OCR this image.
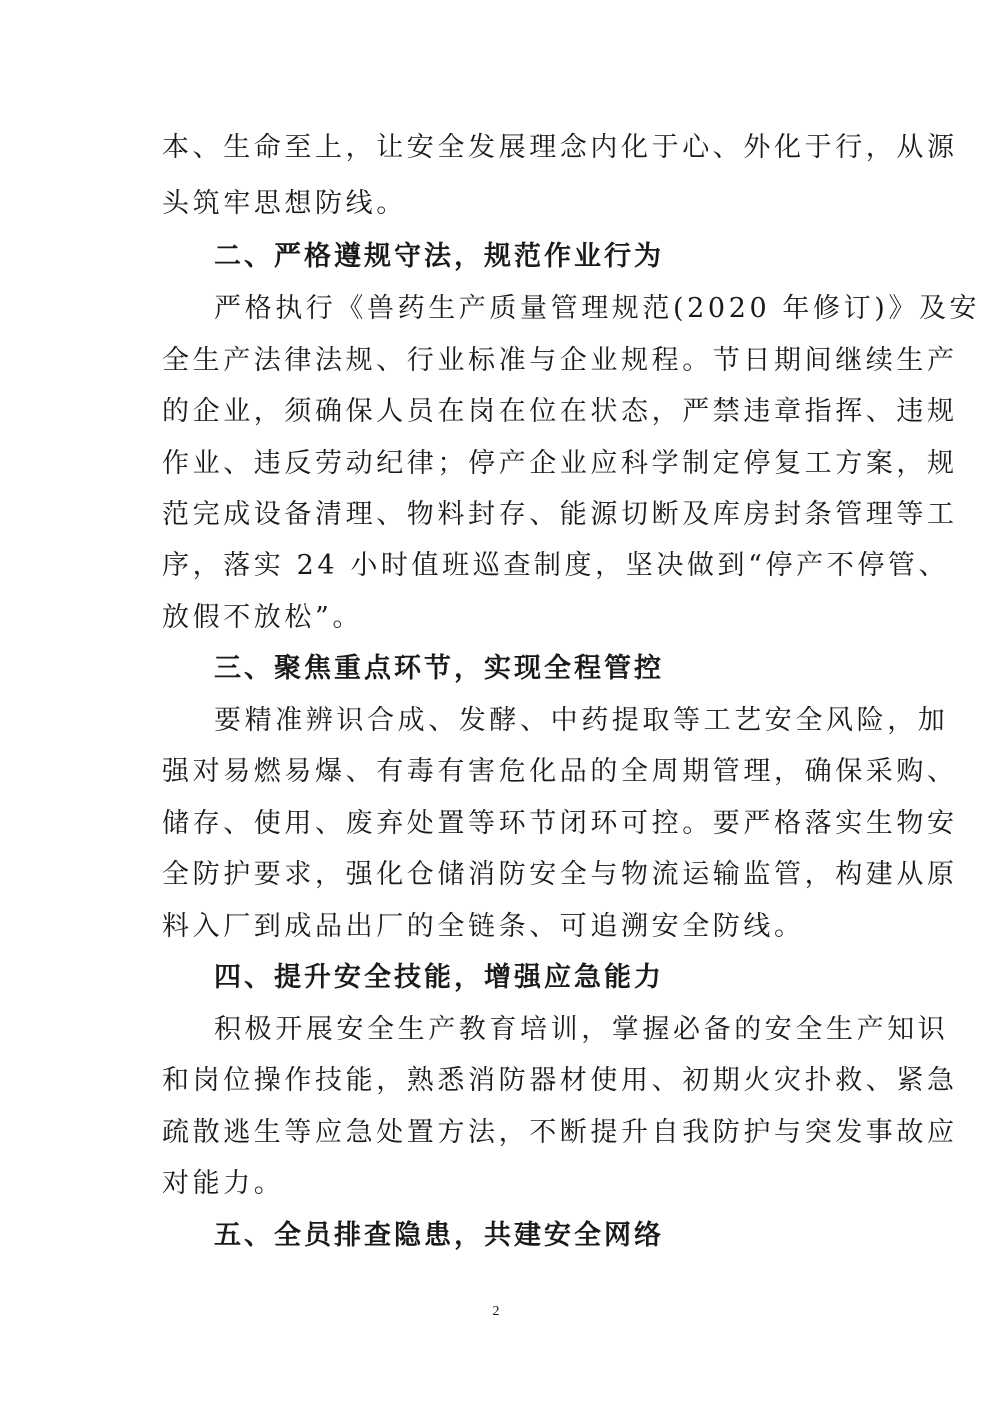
本、生命至上，让安全发展理念内化于心、外化于行，从源
头筑牢思想防线。
二、严格遵规守法，规范作业行为
严格执行《兽药生产质量管理规范(2020 年修订)》及安
全生产法律法规、行业标准与企业规程。节日期间继续生产
的企业，须确保人员在岗在位在状态，严禁违章指挥、违规
作业、违反劳动纪律；停产企业应科学制定停复工方案，规
范完成设备清理、物料封存、能源切断及库房封条管理等工
序，落实 24 小时值班巡查制度，坚决做到“停产不停管、
放假不放松”。
三、聚焦重点环节，实现全程管控
要精准辨识合成、发酵、中药提取等工艺安全风险，加
强对易燃易爆、有毒有害危化品的全周期管理，确保采购、
储存、使用、废弃处置等环节闭环可控。要严格落实生物安
全防护要求，强化仓储消防安全与物流运输监管，构建从原
料入厂到成品出厂的全链条、可追溯安全防线。
四、提升安全技能，增强应急能力
积极开展安全生产教育培训，掌握必备的安全生产知识
和岗位操作技能，熟悉消防器材使用、初期火灾扑救、紧急
疏散逃生等应急处置方法，不断提升自我防护与突发事故应
对能力。
五、全员排查隐患，共建安全网络
2
